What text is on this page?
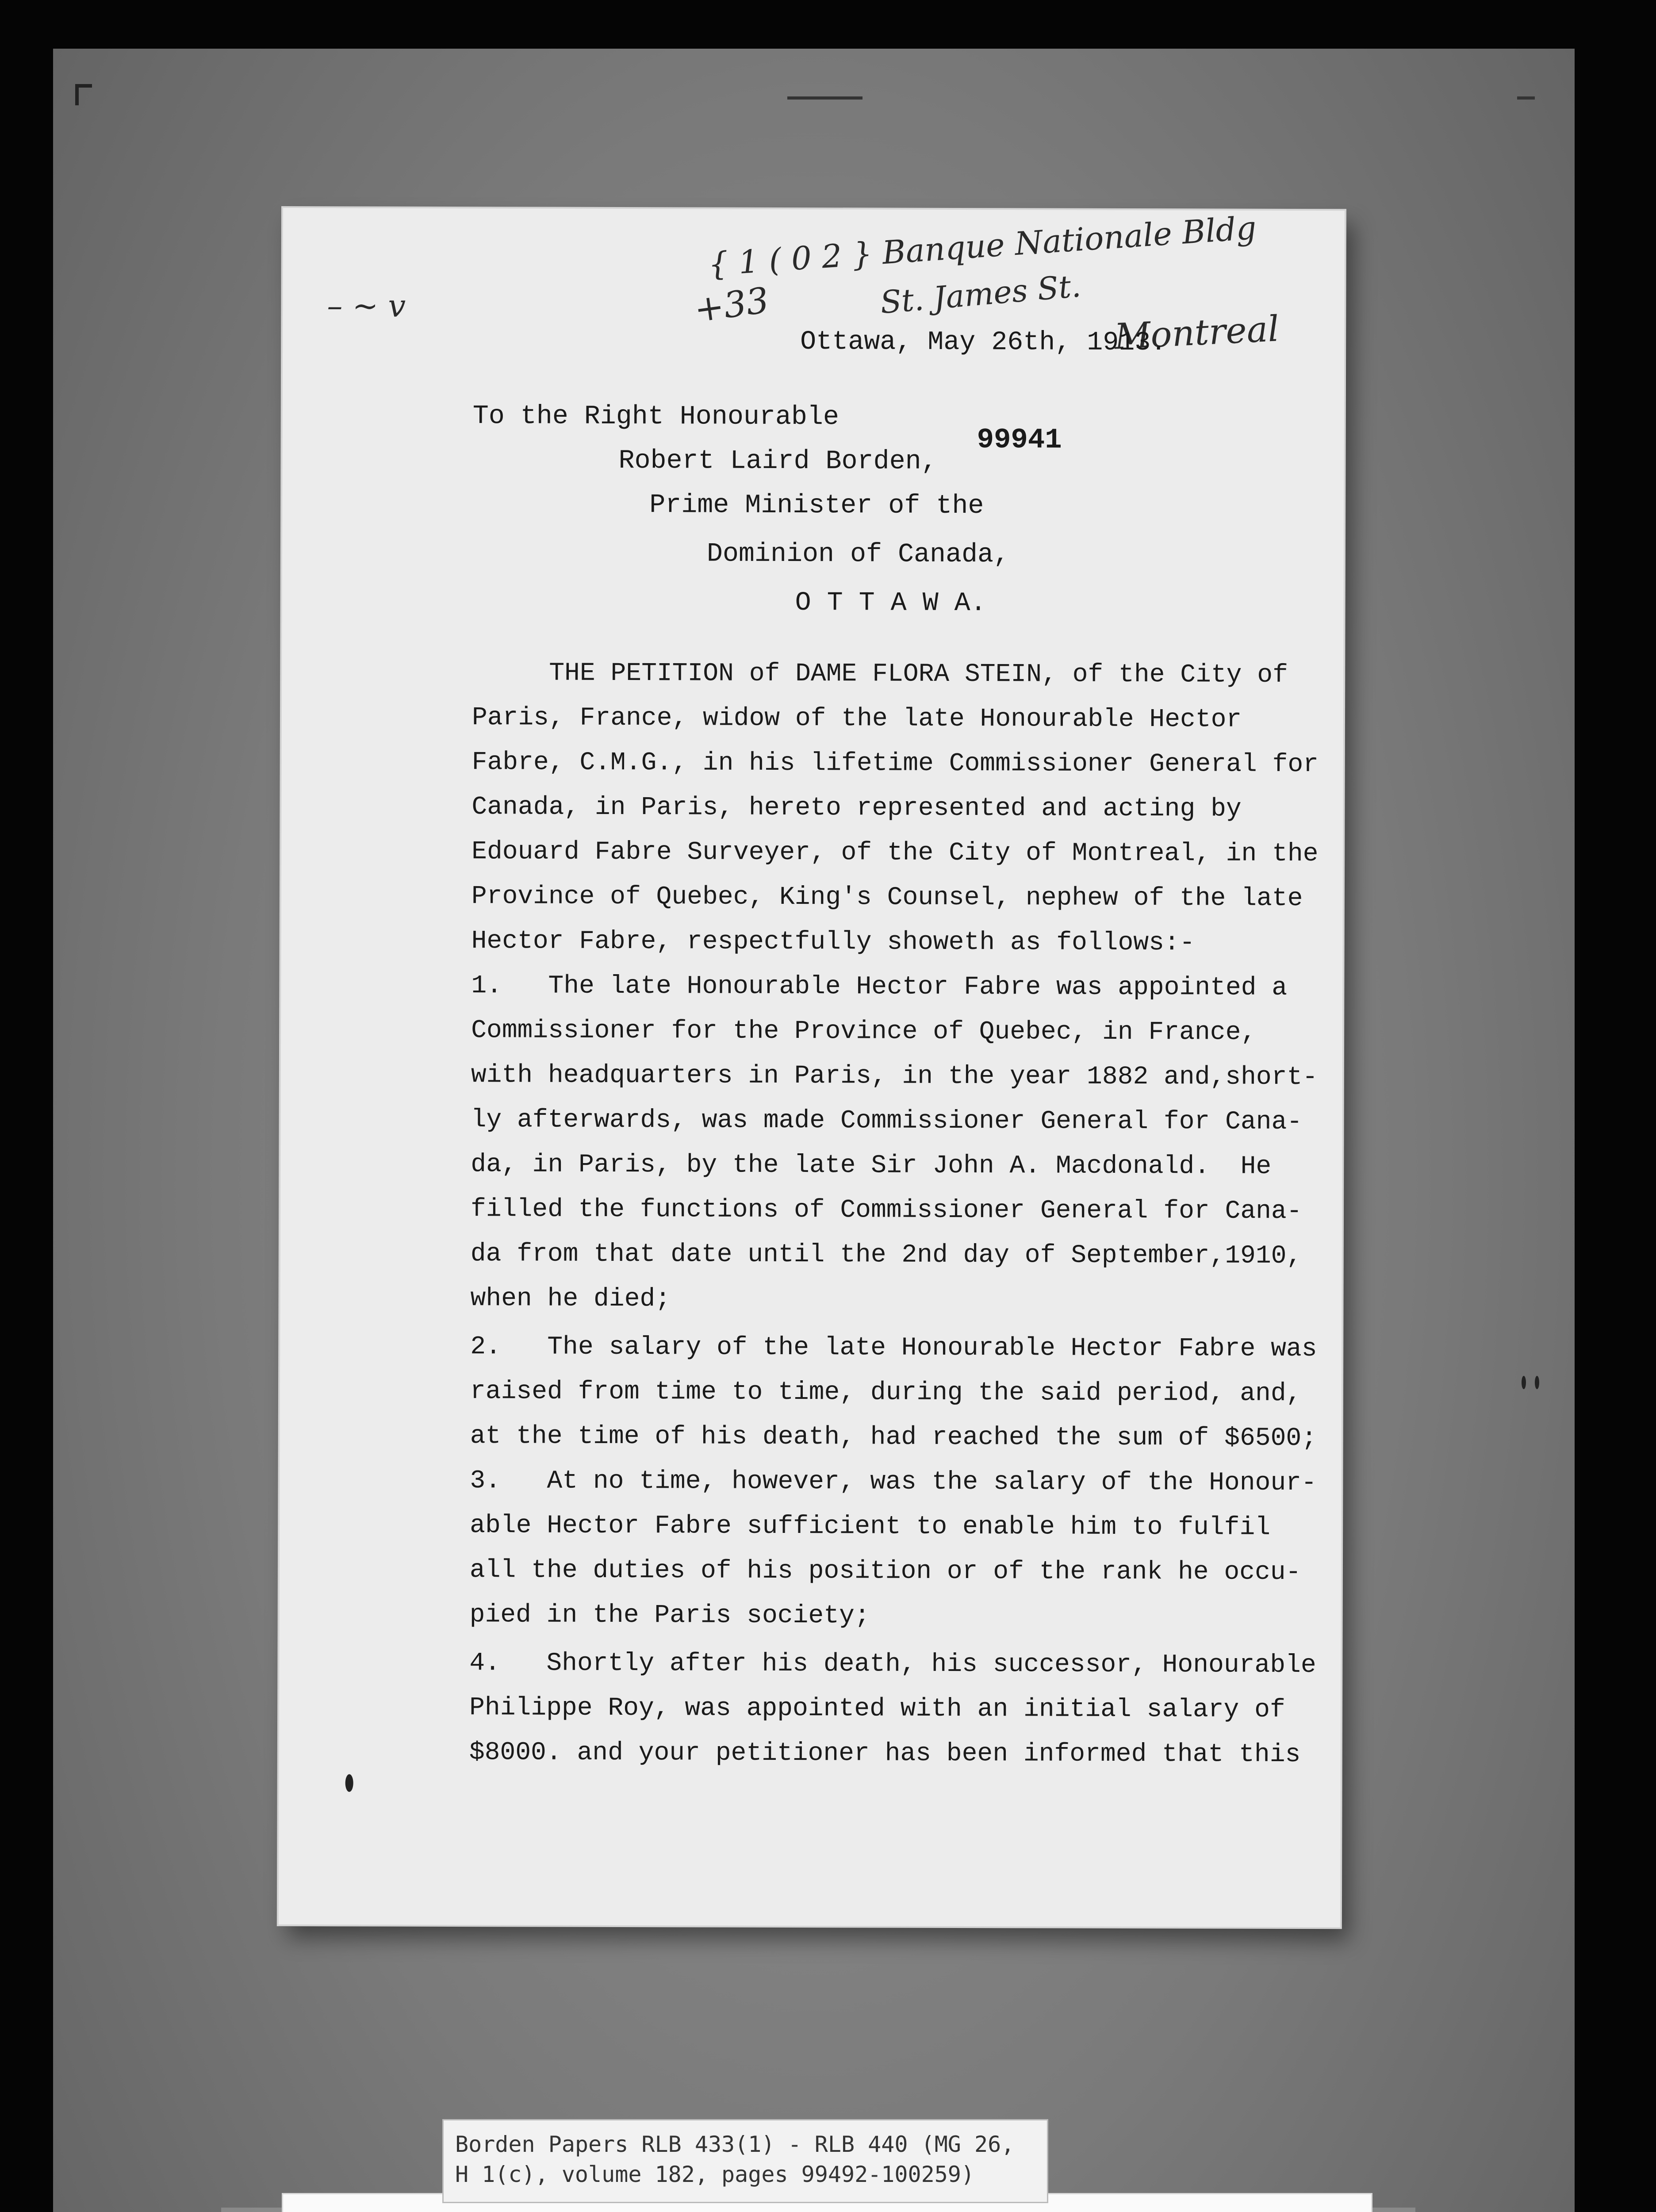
– ~ v	+33
{ 1 ( 0 2 } Banque Nationale Bldg
St. James St.
Montreal
Ottawa, May 26th, 1913.
To the Right Honourable
99941
Robert Laird Borden,
Prime Minister of the
Dominion of Canada,
O T T A W A.
THE PETITION of DAME FLORA STEIN, of the City of
Paris, France, widow of the late Honourable Hector
Fabre, C.M.G., in his lifetime Commissioner General for
Canada, in Paris, hereto represented and acting by
Edouard Fabre Surveyer, of the City of Montreal, in the
Province of Quebec, King's Counsel, nephew of the late
Hector Fabre, respectfully showeth as follows:-
1.   The late Honourable Hector Fabre was appointed a
Commissioner for the Province of Quebec, in France,
with headquarters in Paris, in the year 1882 and,short-
ly afterwards, was made Commissioner General for Cana-
da, in Paris, by the late Sir John A. Macdonald.  He
filled the functions of Commissioner General for Cana-
da from that date until the 2nd day of September,1910,
when he died;
2.   The salary of the late Honourable Hector Fabre was
raised from time to time, during the said period, and,
at the time of his death, had reached the sum of $6500;
3.   At no time, however, was the salary of the Honour-
able Hector Fabre sufficient to enable him to fulfil
all the duties of his position or of the rank he occu-
pied in the Paris society;
4.   Shortly after his death, his successor, Honourable
Philippe Roy, was appointed with an initial salary of
$8000. and your petitioner has been informed that this
Borden Papers RLB 433(1) - RLB 440 (MG 26,
H 1(c), volume 182, pages 99492-100259)
